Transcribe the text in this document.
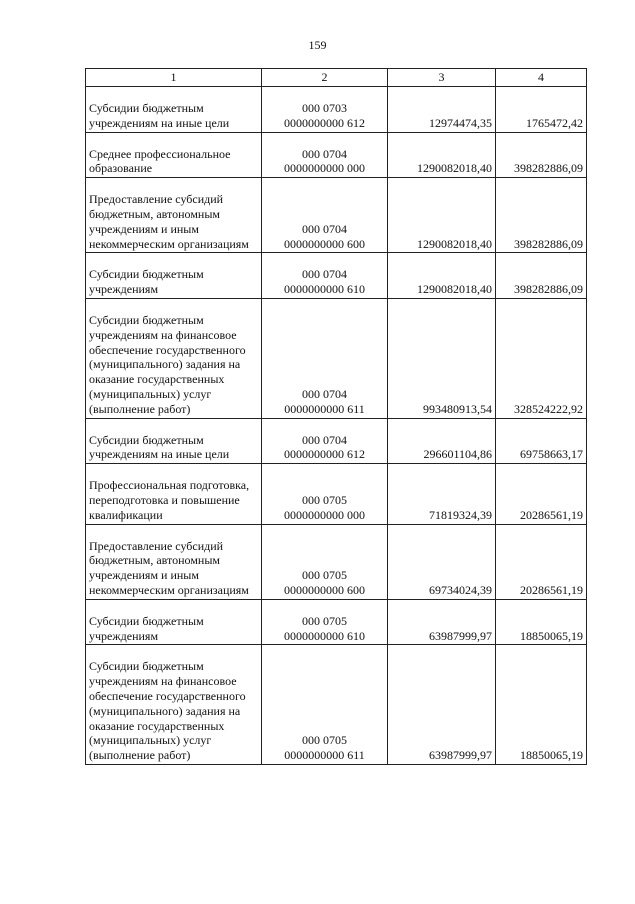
159
1	2	3	4

Субсидии бюджетным учреждениям на иные цели	000 0703
0000000000 612	12974474,35	1765472,42

Среднее профессиональное образование	000 0704
0000000000 000	1290082018,40	398282886,09

Предоставление субсидий бюджетным, автономным учреждениям и иным некоммерческим организациям	000 0704
0000000000 600	1290082018,40	398282886,09

Субсидии бюджетным учреждениям	000 0704
0000000000 610	1290082018,40	398282886,09

Субсидии бюджетным учреждениям на финансовое обеспечение государственного (муниципального) задания на оказание государственных (муниципальных) услуг (выполнение работ)	000 0704
0000000000 611	993480913,54	328524222,92

Субсидии бюджетным учреждениям на иные цели	000 0704
0000000000 612	296601104,86	69758663,17

Профессиональная подготовка, переподготовка и повышение квалификации	000 0705
0000000000 000	71819324,39	20286561,19

Предоставление субсидий бюджетным, автономным учреждениям и иным некоммерческим организациям	000 0705
0000000000 600	69734024,39	20286561,19

Субсидии бюджетным учреждениям	000 0705
0000000000 610	63987999,97	18850065,19

Субсидии бюджетным учреждениям на финансовое обеспечение государственного (муниципального) задания на оказание государственных (муниципальных) услуг (выполнение работ)	000 0705
0000000000 611	63987999,97	18850065,19
